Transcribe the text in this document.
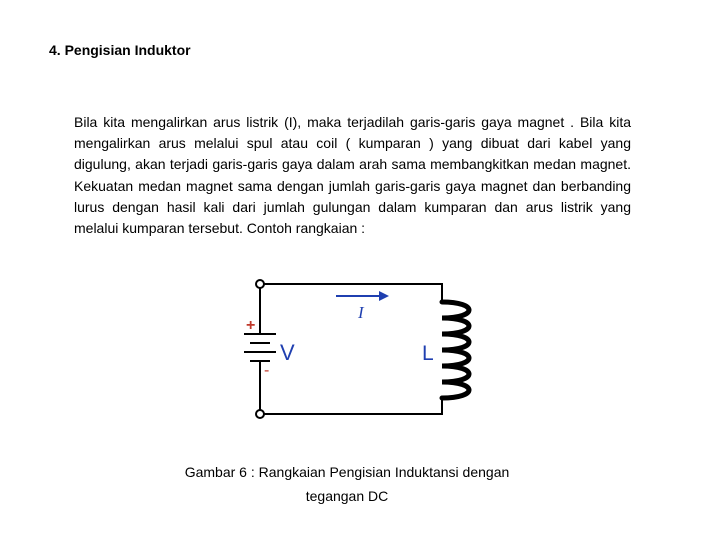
4. Pengisian Induktor

Bila kita mengalirkan arus listrik (I), maka terjadilah garis-garis gaya magnet . Bila kita mengalirkan arus melalui spul atau coil ( kumparan ) yang dibuat dari kabel yang digulung, akan terjadi garis-garis gaya dalam arah sama membangkitkan medan magnet. Kekuatan medan magnet sama dengan jumlah garis-garis gaya magnet dan berbanding lurus dengan hasil kali dari jumlah gulungan dalam kumparan dan arus listrik yang melalui kumparan tersebut. Contoh rangkaian :

+
-
V
I
L
Gambar 6 : Rangkaian Pengisian Induktansi dengan
tegangan DC
